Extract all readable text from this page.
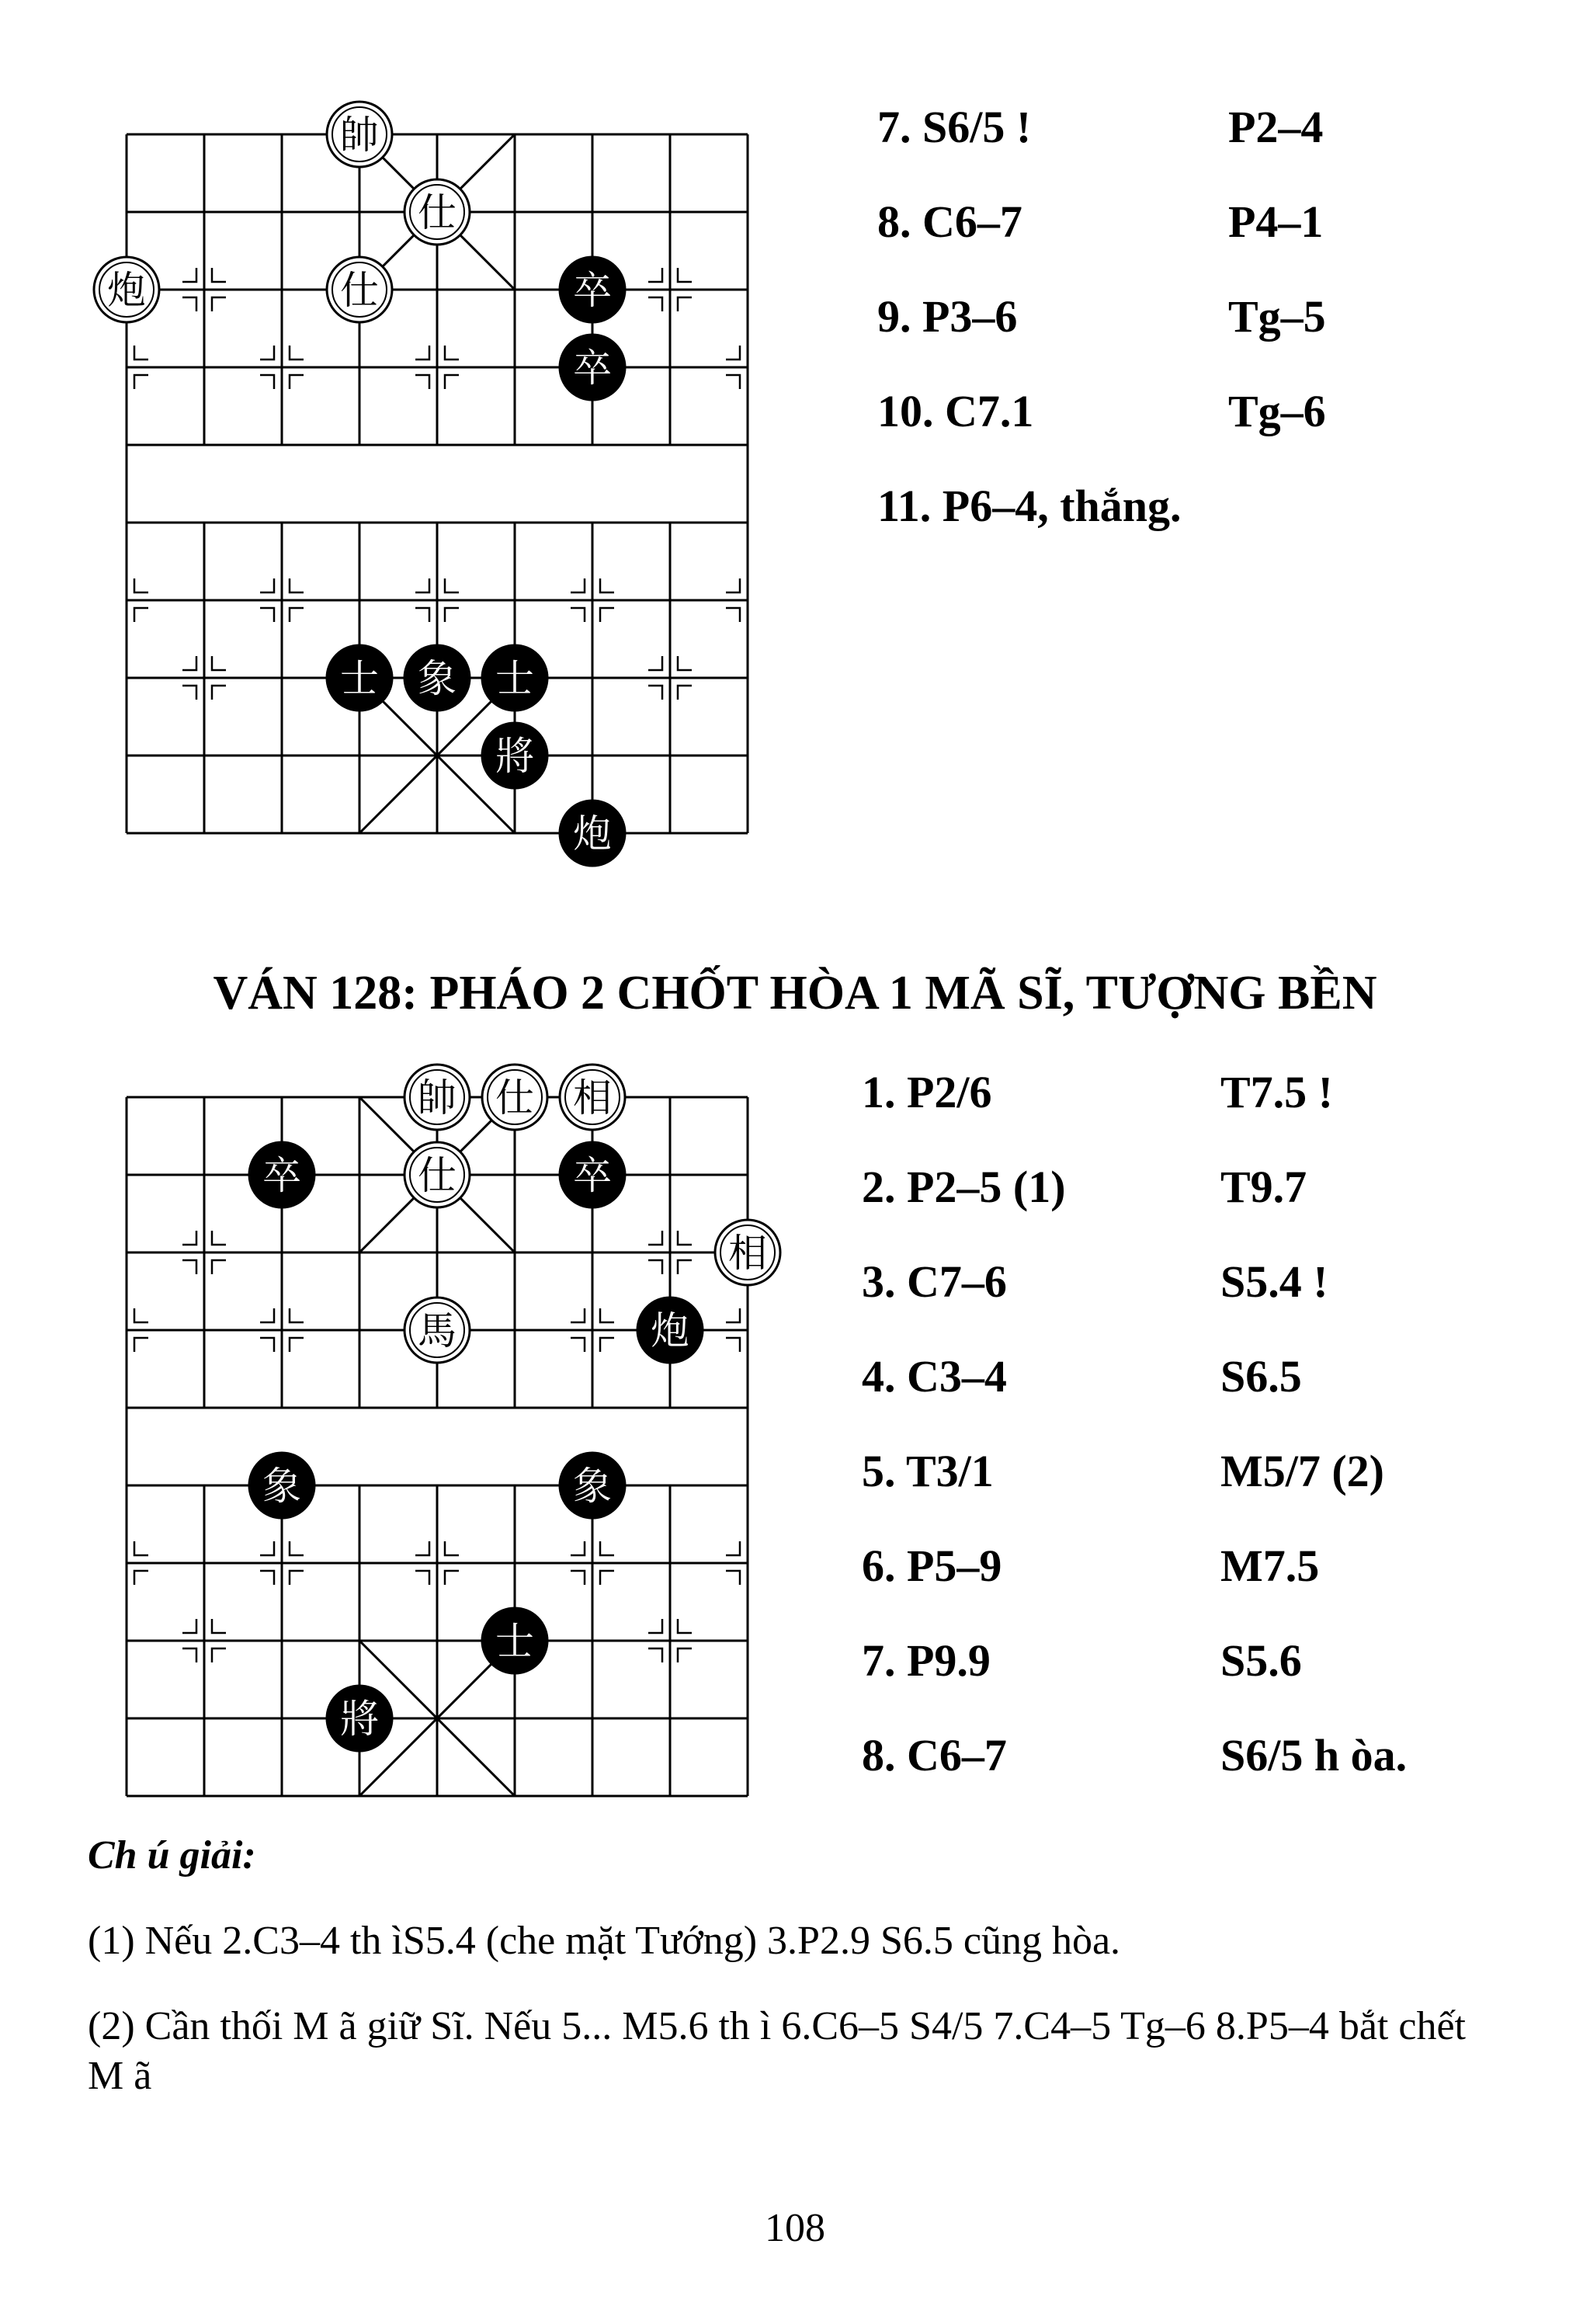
帥
仕
仕
炮	卒
卒
士 象 士
將
炮
7. S6/5 !	P2–4
8. C6–7	P4–1
9. P3–6	Tg–5
10. C7.1	Tg–6
11. P6–4, thắng.
VÁN 128: PHÁO 2 CHỐT HÒA 1 MÃ SĨ, TƯỢNG BỀN
帥 仕 相
卒	仕	卒
相
馬	炮
象	象
士
將
1. P2/6	T7.5 !
2. P2–5 (1)	T9.7
3. C7–6	S5.4 !
4. C3–4	S6.5
5. T3/1	M5/7 (2)
6. P5–9	M7.5
7. P9.9	S5.6
8. C6–7	S6/5 h òa.
Ch ú giải:
(1) Nếu 2.C3–4 th ìS5.4 (che mặt Tướng) 3.P2.9 S6.5 cũng hòa.
(2) Cần thối M ã giữ Sĩ. Nếu 5... M5.6 th ì 6.C6–5 S4/5 7.C4–5 Tg–6 8.P5–4 bắt chết M ã
108
